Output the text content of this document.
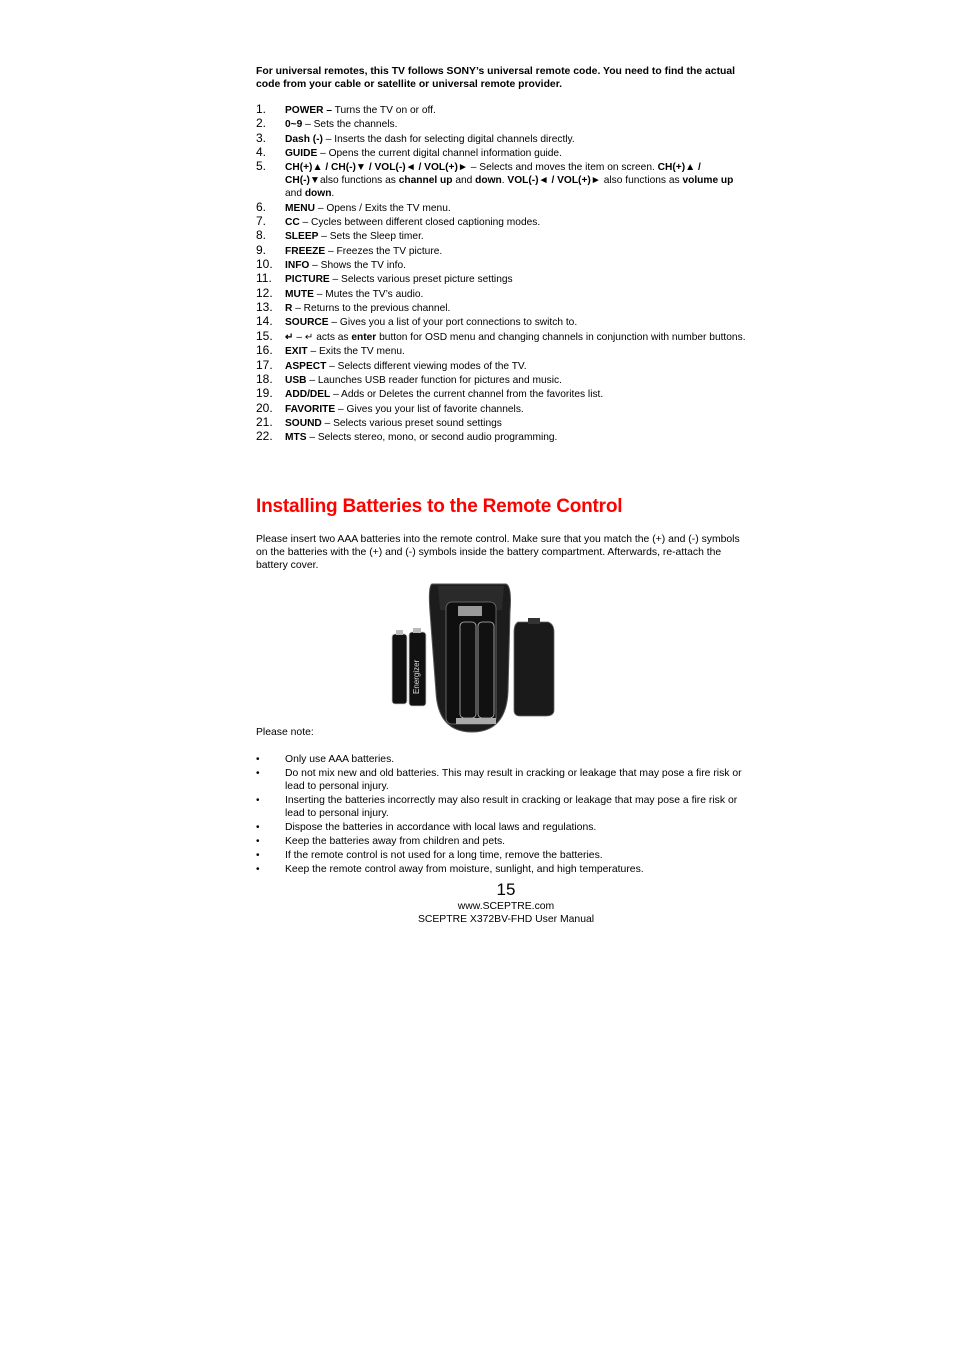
For universal remotes, this TV follows SONY’s universal remote code. You need to find the actual code from your cable or satellite or universal remote provider.

1. POWER – Turns the TV on or off.
2. 0~9 – Sets the channels.
3. Dash (-) – Inserts the dash for selecting digital channels directly.
4. GUIDE – Opens the current digital channel information guide.
5. CH(+)▲ / CH(-)▼ / VOL(-)◄ / VOL(+)► – Selects and moves the item on screen. CH(+)▲ / CH(-)▼also functions as channel up and down. VOL(-)◄ / VOL(+)► also functions as volume up and down.
6. MENU – Opens / Exits the TV menu.
7. CC – Cycles between different closed captioning modes.
8. SLEEP – Sets the Sleep timer.
9. FREEZE – Freezes the TV picture.
10. INFO – Shows the TV info.
11. PICTURE – Selects various preset picture settings
12. MUTE – Mutes the TV’s audio.
13. R – Returns to the previous channel.
14. SOURCE – Gives you a list of your port connections to switch to.
15. ↵ – ↵ acts as enter button for OSD menu and changing channels in conjunction with number buttons.
16. EXIT – Exits the TV menu.
17. ASPECT – Selects different viewing modes of the TV.
18. USB – Launches USB reader function for pictures and music.
19. ADD/DEL – Adds or Deletes the current channel from the favorites list.
20. FAVORITE – Gives you your list of favorite channels.
21. SOUND – Selects various preset sound settings
22. MTS – Selects stereo, mono, or second audio programming.
Installing Batteries to the Remote Control

Please insert two AAA batteries into the remote control. Make sure that you match the (+) and (-) symbols on the batteries with the (+) and (-) symbols inside the battery compartment. Afterwards, re-attach the battery cover.

Energizer
Please note:
• Only use AAA batteries.
• Do not mix new and old batteries. This may result in cracking or leakage that may pose a fire risk or lead to personal injury.
• Inserting the batteries incorrectly may also result in cracking or leakage that may pose a fire risk or lead to personal injury.
• Dispose the batteries in accordance with local laws and regulations.
• Keep the batteries away from children and pets.
• If the remote control is not used for a long time, remove the batteries.
• Keep the remote control away from moisture, sunlight, and high temperatures.
15
www.SCEPTRE.com
SCEPTRE X372BV-FHD User Manual
